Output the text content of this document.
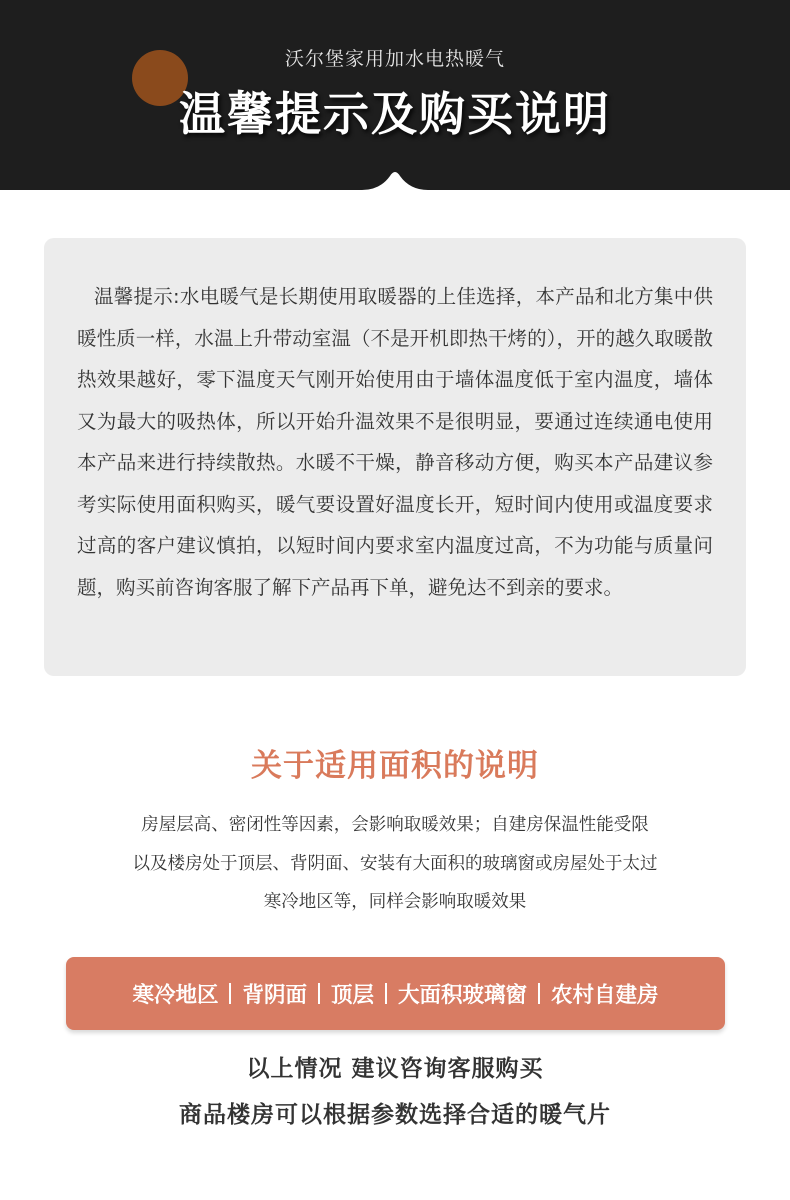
沃尔堡家用加水电热暖气
温馨提示及购买说明

温馨提示:水电暖气是长期使用取暖器的上佳选择，本产品和北方集中供暖性质一样，水温上升带动室温（不是开机即热干烤的），开的越久取暖散热效果越好，零下温度天气刚开始使用由于墙体温度低于室内温度，墙体又为最大的吸热体，所以开始升温效果不是很明显，要通过连续通电使用本产品来进行持续散热。水暖不干燥，静音移动方便，购买本产品建议参考实际使用面积购买，暖气要设置好温度长开，短时间内使用或温度要求过高的客户建议慎拍，以短时间内要求室内温度过高，不为功能与质量问题，购买前咨询客服了解下产品再下单，避免达不到亲的要求。

关于适用面积的说明
房屋层高、密闭性等因素，会影响取暖效果；自建房保温性能受限
以及楼房处于顶层、背阴面、安装有大面积的玻璃窗或房屋处于太过
寒冷地区等，同样会影响取暖效果
寒冷地区 背阴面 顶层 大面积玻璃窗 农村自建房
以上情况 建议咨询客服购买
商品楼房可以根据参数选择合适的暖气片
